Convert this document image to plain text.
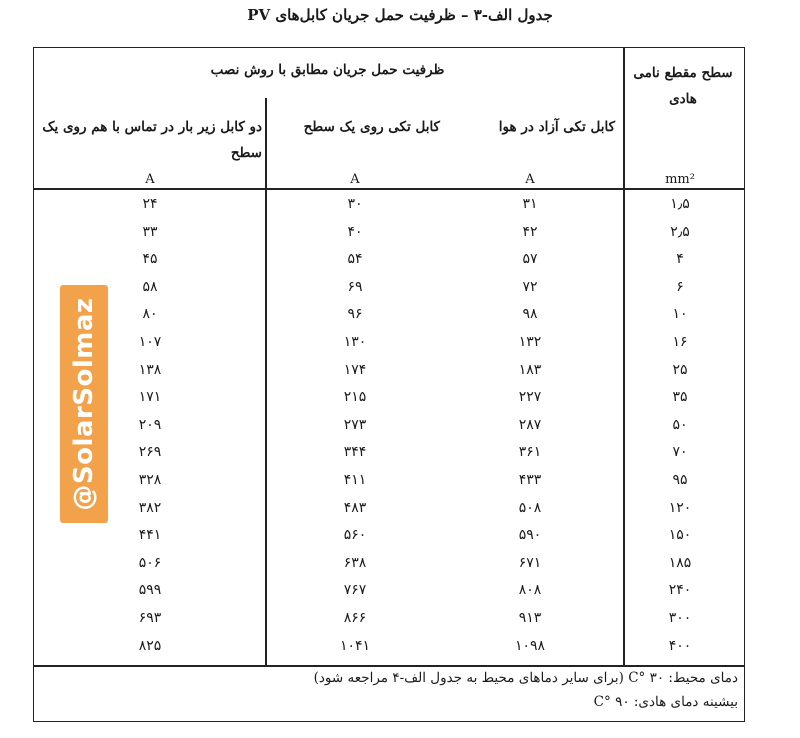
جدول الف-۳ – ظرفیت حمل جریان کابل‌های PV
سطح مقطع نامی هادی
ظرفیت حمل جریان مطابق با روش نصب
کابل تکی آزاد در هوا
کابل تکی روی یک سطح
دو کابل زیر بار در تماس با هم روی یک سطح
mm²
A
A
A
۱٫۵
۳۱
۳۰
۲۴
۲٫۵
۴۲
۴۰
۳۳
۴
۵۷
۵۴
۴۵
۶
۷۲
۶۹
۵۸
۱۰
۹۸
۹۶
۸۰
۱۶
۱۳۲
۱۳۰
۱۰۷
۲۵
۱۸۳
۱۷۴
۱۳۸
۳۵
۲۲۷
۲۱۵
۱۷۱
۵۰
۲۸۷
۲۷۳
۲۰۹
۷۰
۳۶۱
۳۴۴
۲۶۹
۹۵
۴۳۳
۴۱۱
۳۲۸
۱۲۰
۵۰۸
۴۸۳
۳۸۲
۱۵۰
۵۹۰
۵۶۰
۴۴۱
۱۸۵
۶۷۱
۶۳۸
۵۰۶
۲۴۰
۸۰۸
۷۶۷
۵۹۹
۳۰۰
۹۱۳
۸۶۶
۶۹۳
۴۰۰
۱۰۹۸
۱۰۴۱
۸۲۵
دمای محیط: ۳۰ °C (برای سایر دماهای محیط به جدول الف-۴ مراجعه شود)
بیشینه دمای هادی: ۹۰ °C
@SolarSolmaz
